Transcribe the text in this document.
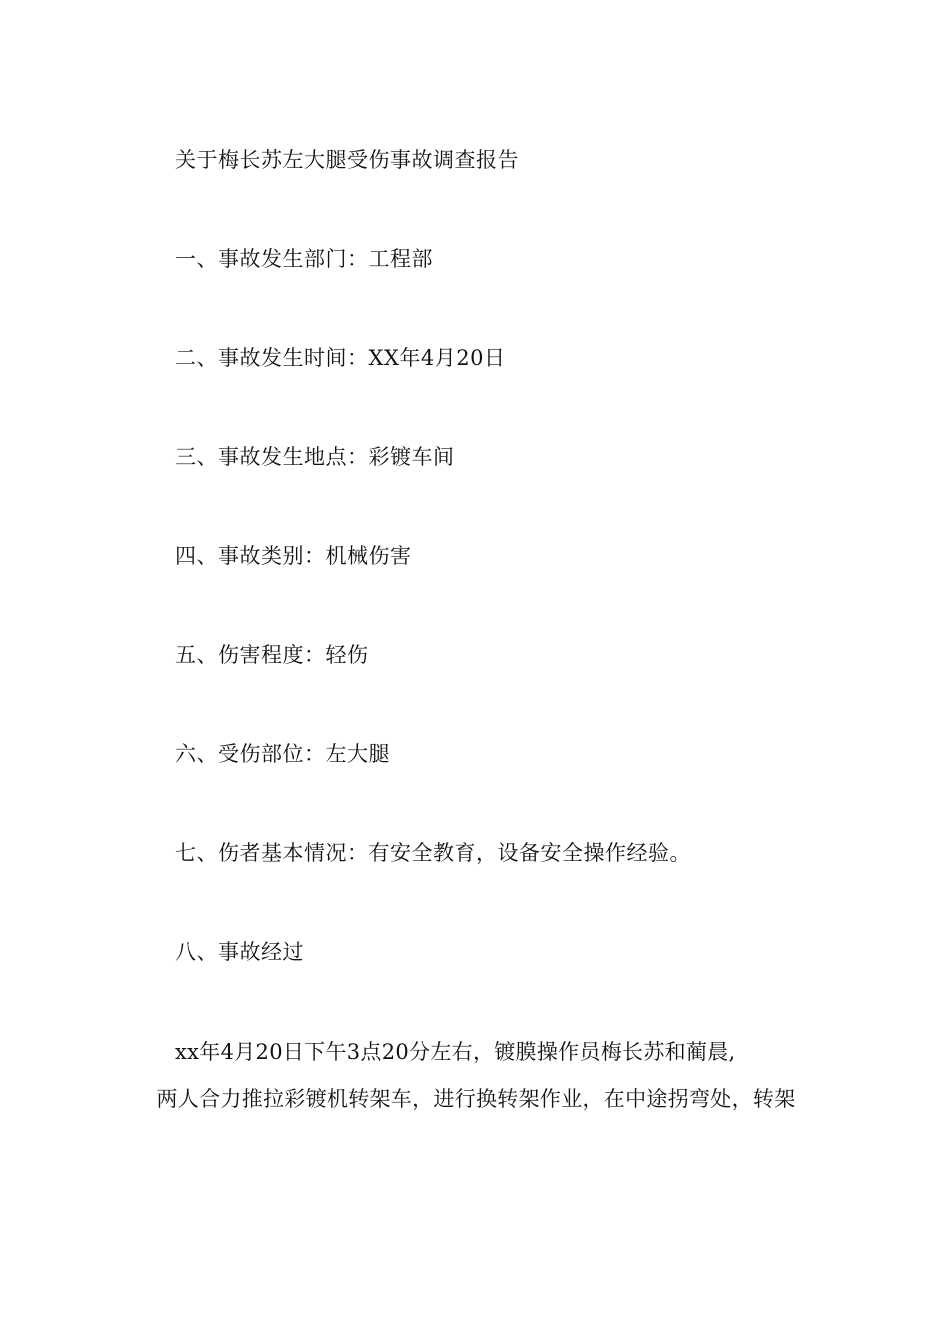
关于梅长苏左大腿受伤事故调查报告
一、事故发生部门：工程部
二、事故发生时间：XX年4月20日
三、事故发生地点：彩镀车间
四、事故类别：机械伤害
五、伤害程度：轻伤
六、受伤部位：左大腿
七、伤者基本情况：有安全教育，设备安全操作经验。
八、事故经过
xx年4月20日下午3点20分左右，镀膜操作员梅长苏和蔺晨,
两人合力推拉彩镀机转架车，进行换转架作业，在中途拐弯处，转架
